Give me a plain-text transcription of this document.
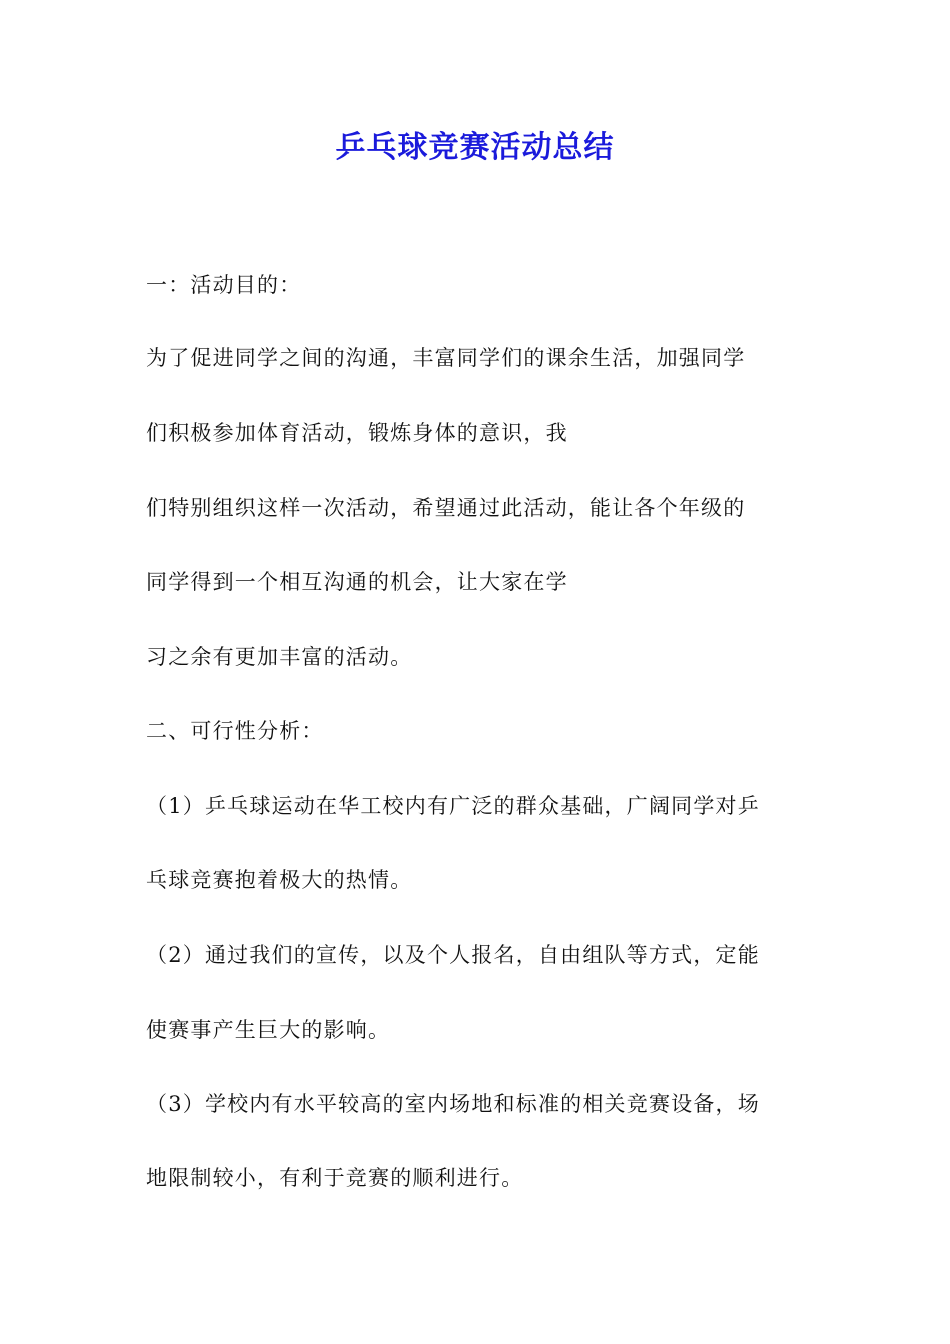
乒乓球竞赛活动总结
一：活动目的：
为了促进同学之间的沟通，丰富同学们的课余生活，加强同学
们积极参加体育活动，锻炼身体的意识，我
们特别组织这样一次活动，希望通过此活动，能让各个年级的
同学得到一个相互沟通的机会，让大家在学
习之余有更加丰富的活动。
二、可行性分析：
（1）乒乓球运动在华工校内有广泛的群众基础，广阔同学对乒
乓球竞赛抱着极大的热情。
（2）通过我们的宣传，以及个人报名，自由组队等方式，定能
使赛事产生巨大的影响。
（3）学校内有水平较高的室内场地和标准的相关竞赛设备，场
地限制较小，有利于竞赛的顺利进行。
